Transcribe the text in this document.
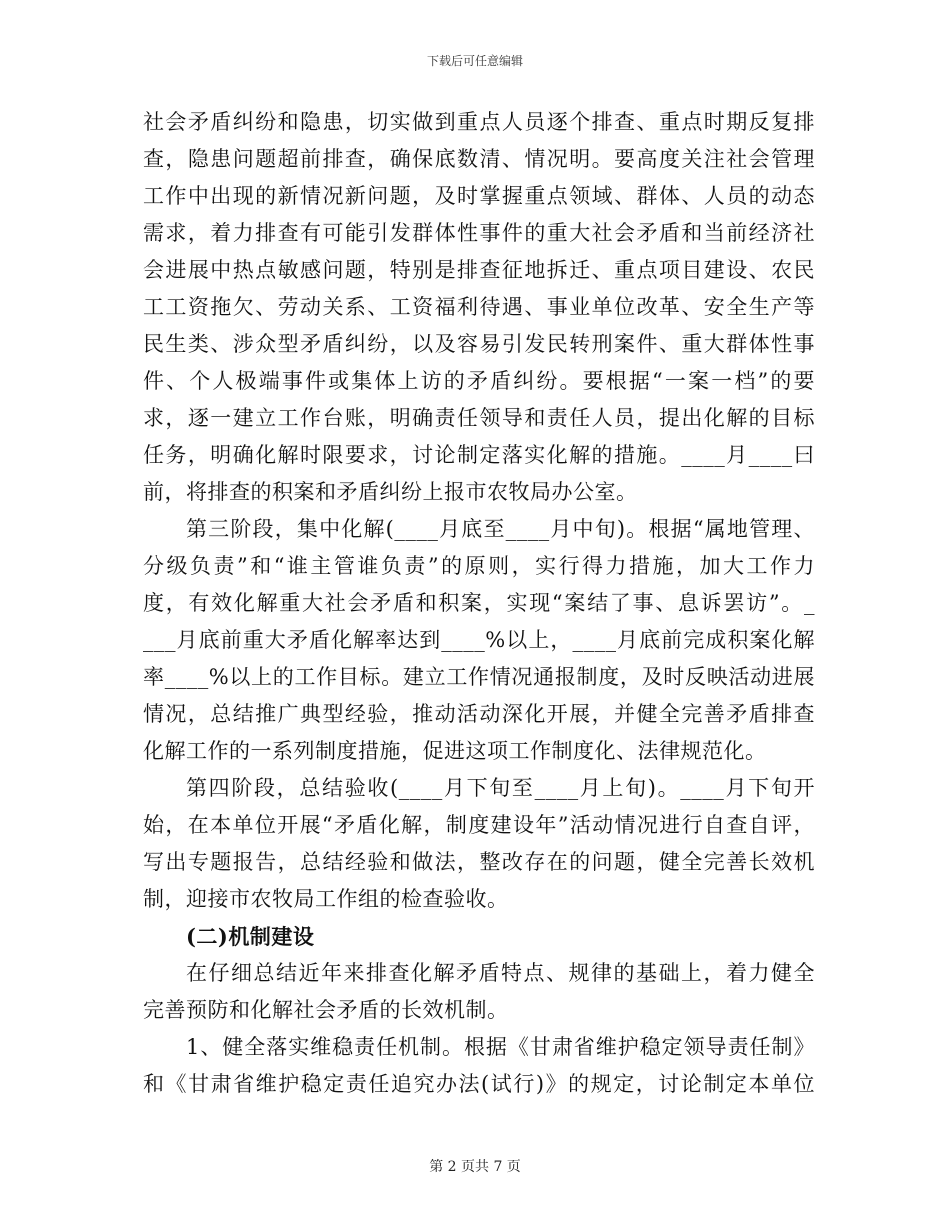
下载后可任意编辑
社会矛盾纠纷和隐患，切实做到重点人员逐个排查、重点时期反复排
查，隐患问题超前排查，确保底数清、情况明。要高度关注社会管理
工作中出现的新情况新问题，及时掌握重点领域、群体、人员的动态
需求，着力排查有可能引发群体性事件的重大社会矛盾和当前经济社
会进展中热点敏感问题，特别是排查征地拆迁、重点项目建设、农民
工工资拖欠、劳动关系、工资福利待遇、事业单位改革、安全生产等
民生类、涉众型矛盾纠纷，以及容易引发民转刑案件、重大群体性事
件、个人极端事件或集体上访的矛盾纠纷。要根据“一案一档”的要
求，逐一建立工作台账，明确责任领导和责任人员，提出化解的目标
任务，明确化解时限要求，讨论制定落实化解的措施。____月____曰
前，将排查的积案和矛盾纠纷上报市农牧局办公室。
第三阶段，集中化解(____月底至____月中旬)。根据“属地管理、
分级负责”和“谁主管谁负责”的原则，实行得力措施，加大工作力
度，有效化解重大社会矛盾和积案，实现“案结了事、息诉罢访”。_
___月底前重大矛盾化解率达到____%以上，____月底前完成积案化解
率____%以上的工作目标。建立工作情况通报制度，及时反映活动进展
情况，总结推广典型经验，推动活动深化开展，并健全完善矛盾排查
化解工作的一系列制度措施，促进这项工作制度化、法律规范化。
第四阶段，总结验收(____月下旬至____月上旬)。____月下旬开
始，在本单位开展“矛盾化解，制度建设年”活动情况进行自查自评，
写出专题报告，总结经验和做法，整改存在的问题，健全完善长效机
制，迎接市农牧局工作组的检查验收。
(二)机制建设
在仔细总结近年来排查化解矛盾特点、规律的基础上，着力健全
完善预防和化解社会矛盾的长效机制。
1、健全落实维稳责任机制。根据《甘肃省维护稳定领导责任制》
和《甘肃省维护稳定责任追究办法(试行)》的规定，讨论制定本单位
第 2 页共 7 页
